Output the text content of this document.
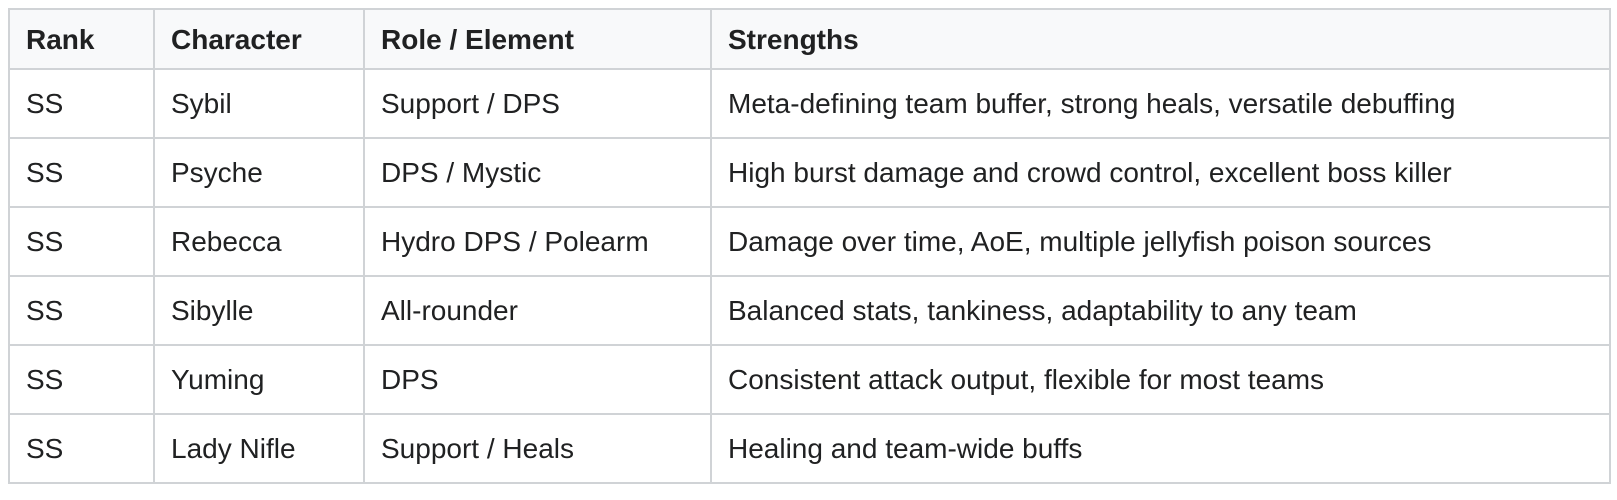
Rank	Character	Role / Element	Strengths
SS	Sybil	Support / DPS	Meta-defining team buffer, strong heals, versatile debuffing
SS	Psyche	DPS / Mystic	High burst damage and crowd control, excellent boss killer
SS	Rebecca	Hydro DPS / Polearm	Damage over time, AoE, multiple jellyfish poison sources
SS	Sibylle	All-rounder	Balanced stats, tankiness, adaptability to any team
SS	Yuming	DPS	Consistent attack output, flexible for most teams
SS	Lady Nifle	Support / Heals	Healing and team-wide buffs
